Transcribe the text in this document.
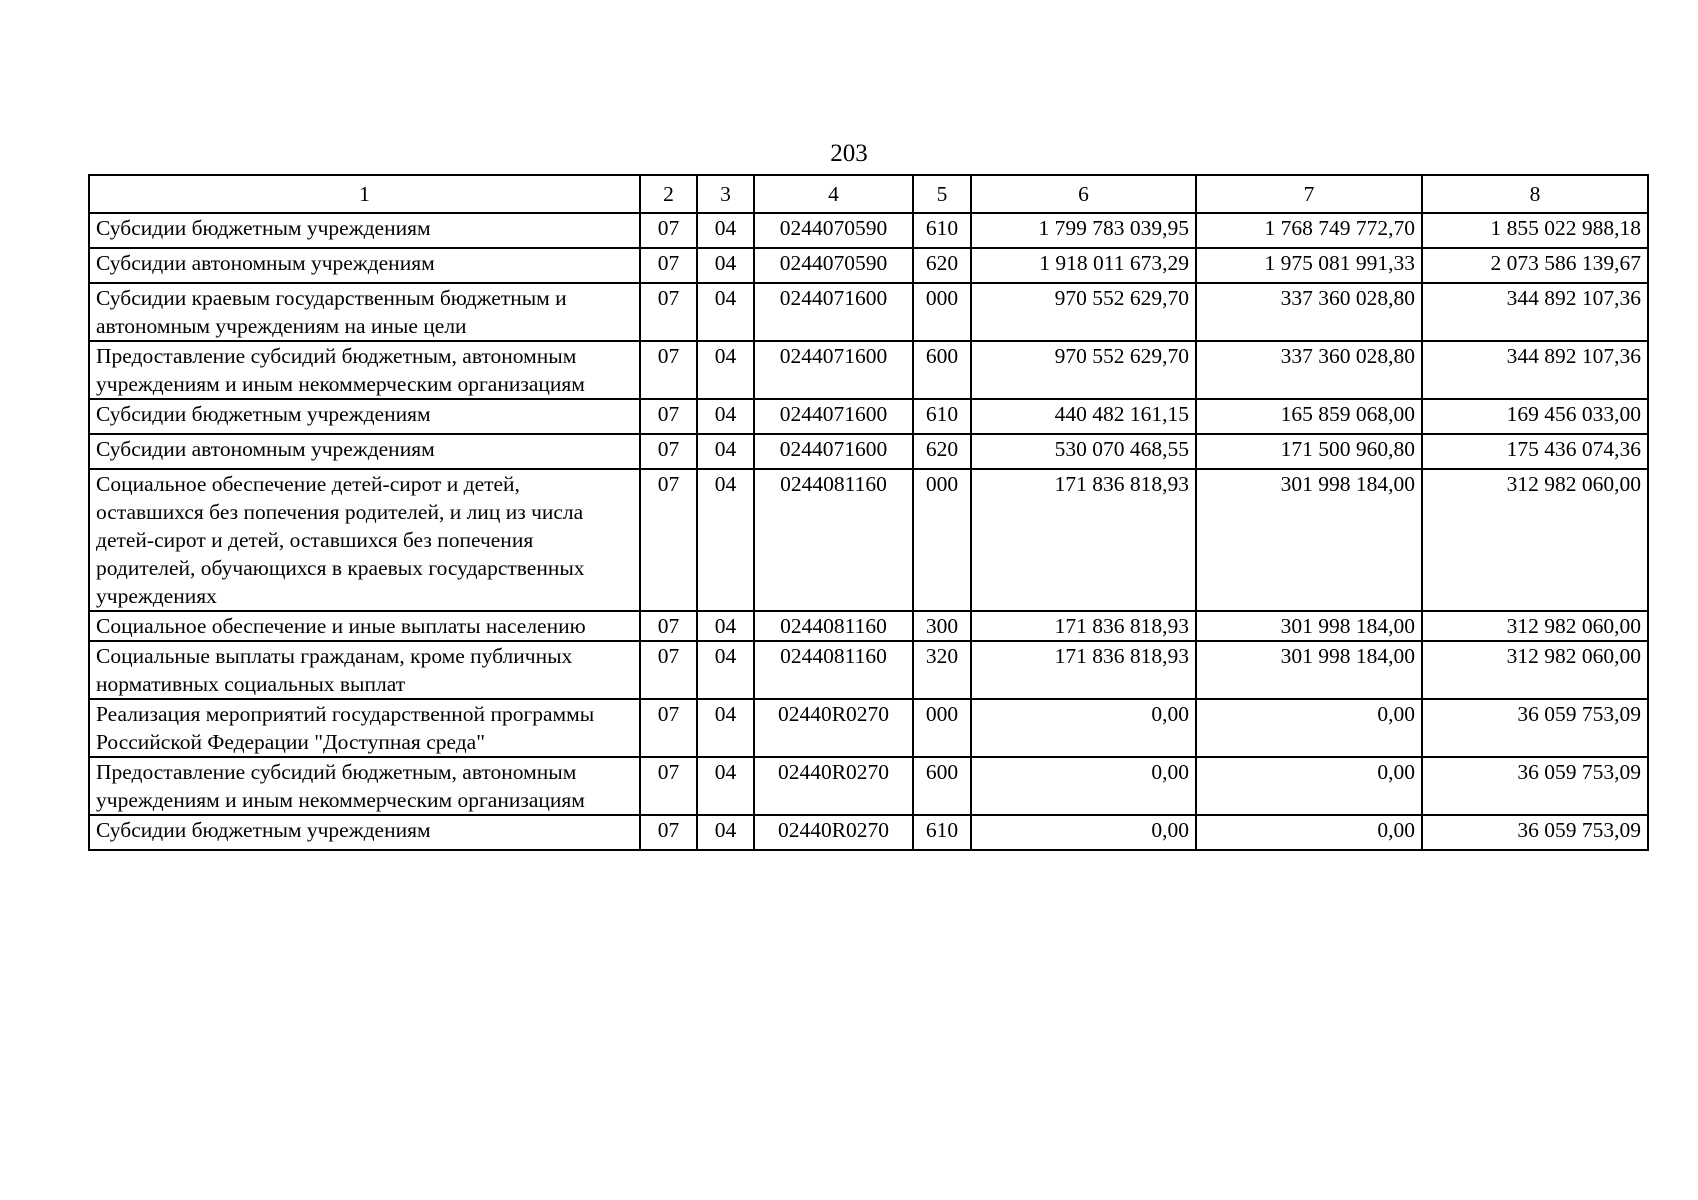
203
1	2	3	4	5	6	7	8
Субсидии бюджетным учреждениям	07	04	0244070590	610	1 799 783 039,95	1 768 749 772,70	1 855 022 988,18
Субсидии автономным учреждениям	07	04	0244070590	620	1 918 011 673,29	1 975 081 991,33	2 073 586 139,67
Субсидии краевым государственным бюджетным и автономным учреждениям на иные цели	07	04	0244071600	000	970 552 629,70	337 360 028,80	344 892 107,36
Предоставление субсидий бюджетным, автономным учреждениям и иным некоммерческим организациям	07	04	0244071600	600	970 552 629,70	337 360 028,80	344 892 107,36
Субсидии бюджетным учреждениям	07	04	0244071600	610	440 482 161,15	165 859 068,00	169 456 033,00
Субсидии автономным учреждениям	07	04	0244071600	620	530 070 468,55	171 500 960,80	175 436 074,36
Социальное обеспечение детей-сирот и детей, оставшихся без попечения родителей, и лиц из числа детей-сирот и детей, оставшихся без попечения родителей, обучающихся в краевых государственных учреждениях	07	04	0244081160	000	171 836 818,93	301 998 184,00	312 982 060,00
Социальное обеспечение и иные выплаты населению	07	04	0244081160	300	171 836 818,93	301 998 184,00	312 982 060,00
Социальные выплаты гражданам, кроме публичных нормативных социальных выплат	07	04	0244081160	320	171 836 818,93	301 998 184,00	312 982 060,00
Реализация мероприятий государственной программы Российской Федерации "Доступная среда"	07	04	02440R0270	000	0,00	0,00	36 059 753,09
Предоставление субсидий бюджетным, автономным учреждениям и иным некоммерческим организациям	07	04	02440R0270	600	0,00	0,00	36 059 753,09
Субсидии бюджетным учреждениям	07	04	02440R0270	610	0,00	0,00	36 059 753,09
